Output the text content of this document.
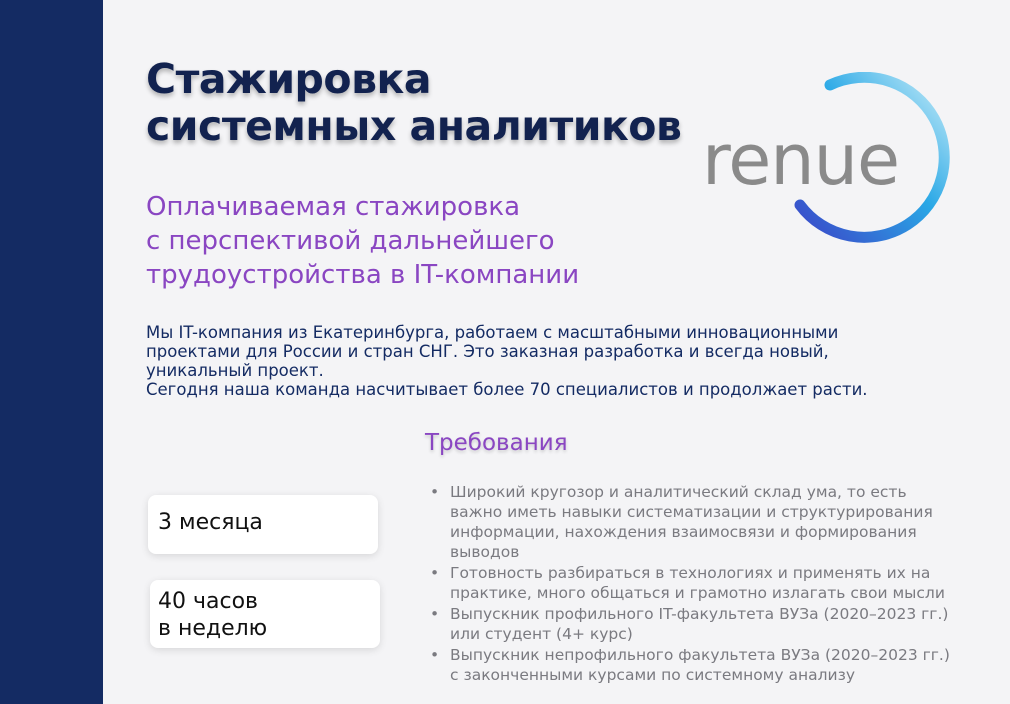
Стажировка
системных аналитиков renue

Оплачиваемая стажировка
с перспективой дальнейшего
трудоустройства в IT-компании

Мы IT-компания из Екатеринбурга, работаем с масштабными инновационными
проектами для России и стран СНГ. Это заказная разработка и всегда новый,
уникальный проект.
Сегодня наша команда насчитывает более 70 специалистов и продолжает расти.

Требования
3 месяца
40 часов
в неделю
• Широкий кругозор и аналитический склад ума, то есть
важно иметь навыки систематизации и структурирования
информации, нахождения взаимосвязи и формирования
выводов
• Готовность разбираться в технологиях и применять их на
практике, много общаться и грамотно излагать свои мысли
• Выпускник профильного IT-факультета ВУЗа (2020–2023 гг.)
или студент (4+ курс)
• Выпускник непрофильного факультета ВУЗа (2020–2023 гг.)
с законченными курсами по системному анализу
